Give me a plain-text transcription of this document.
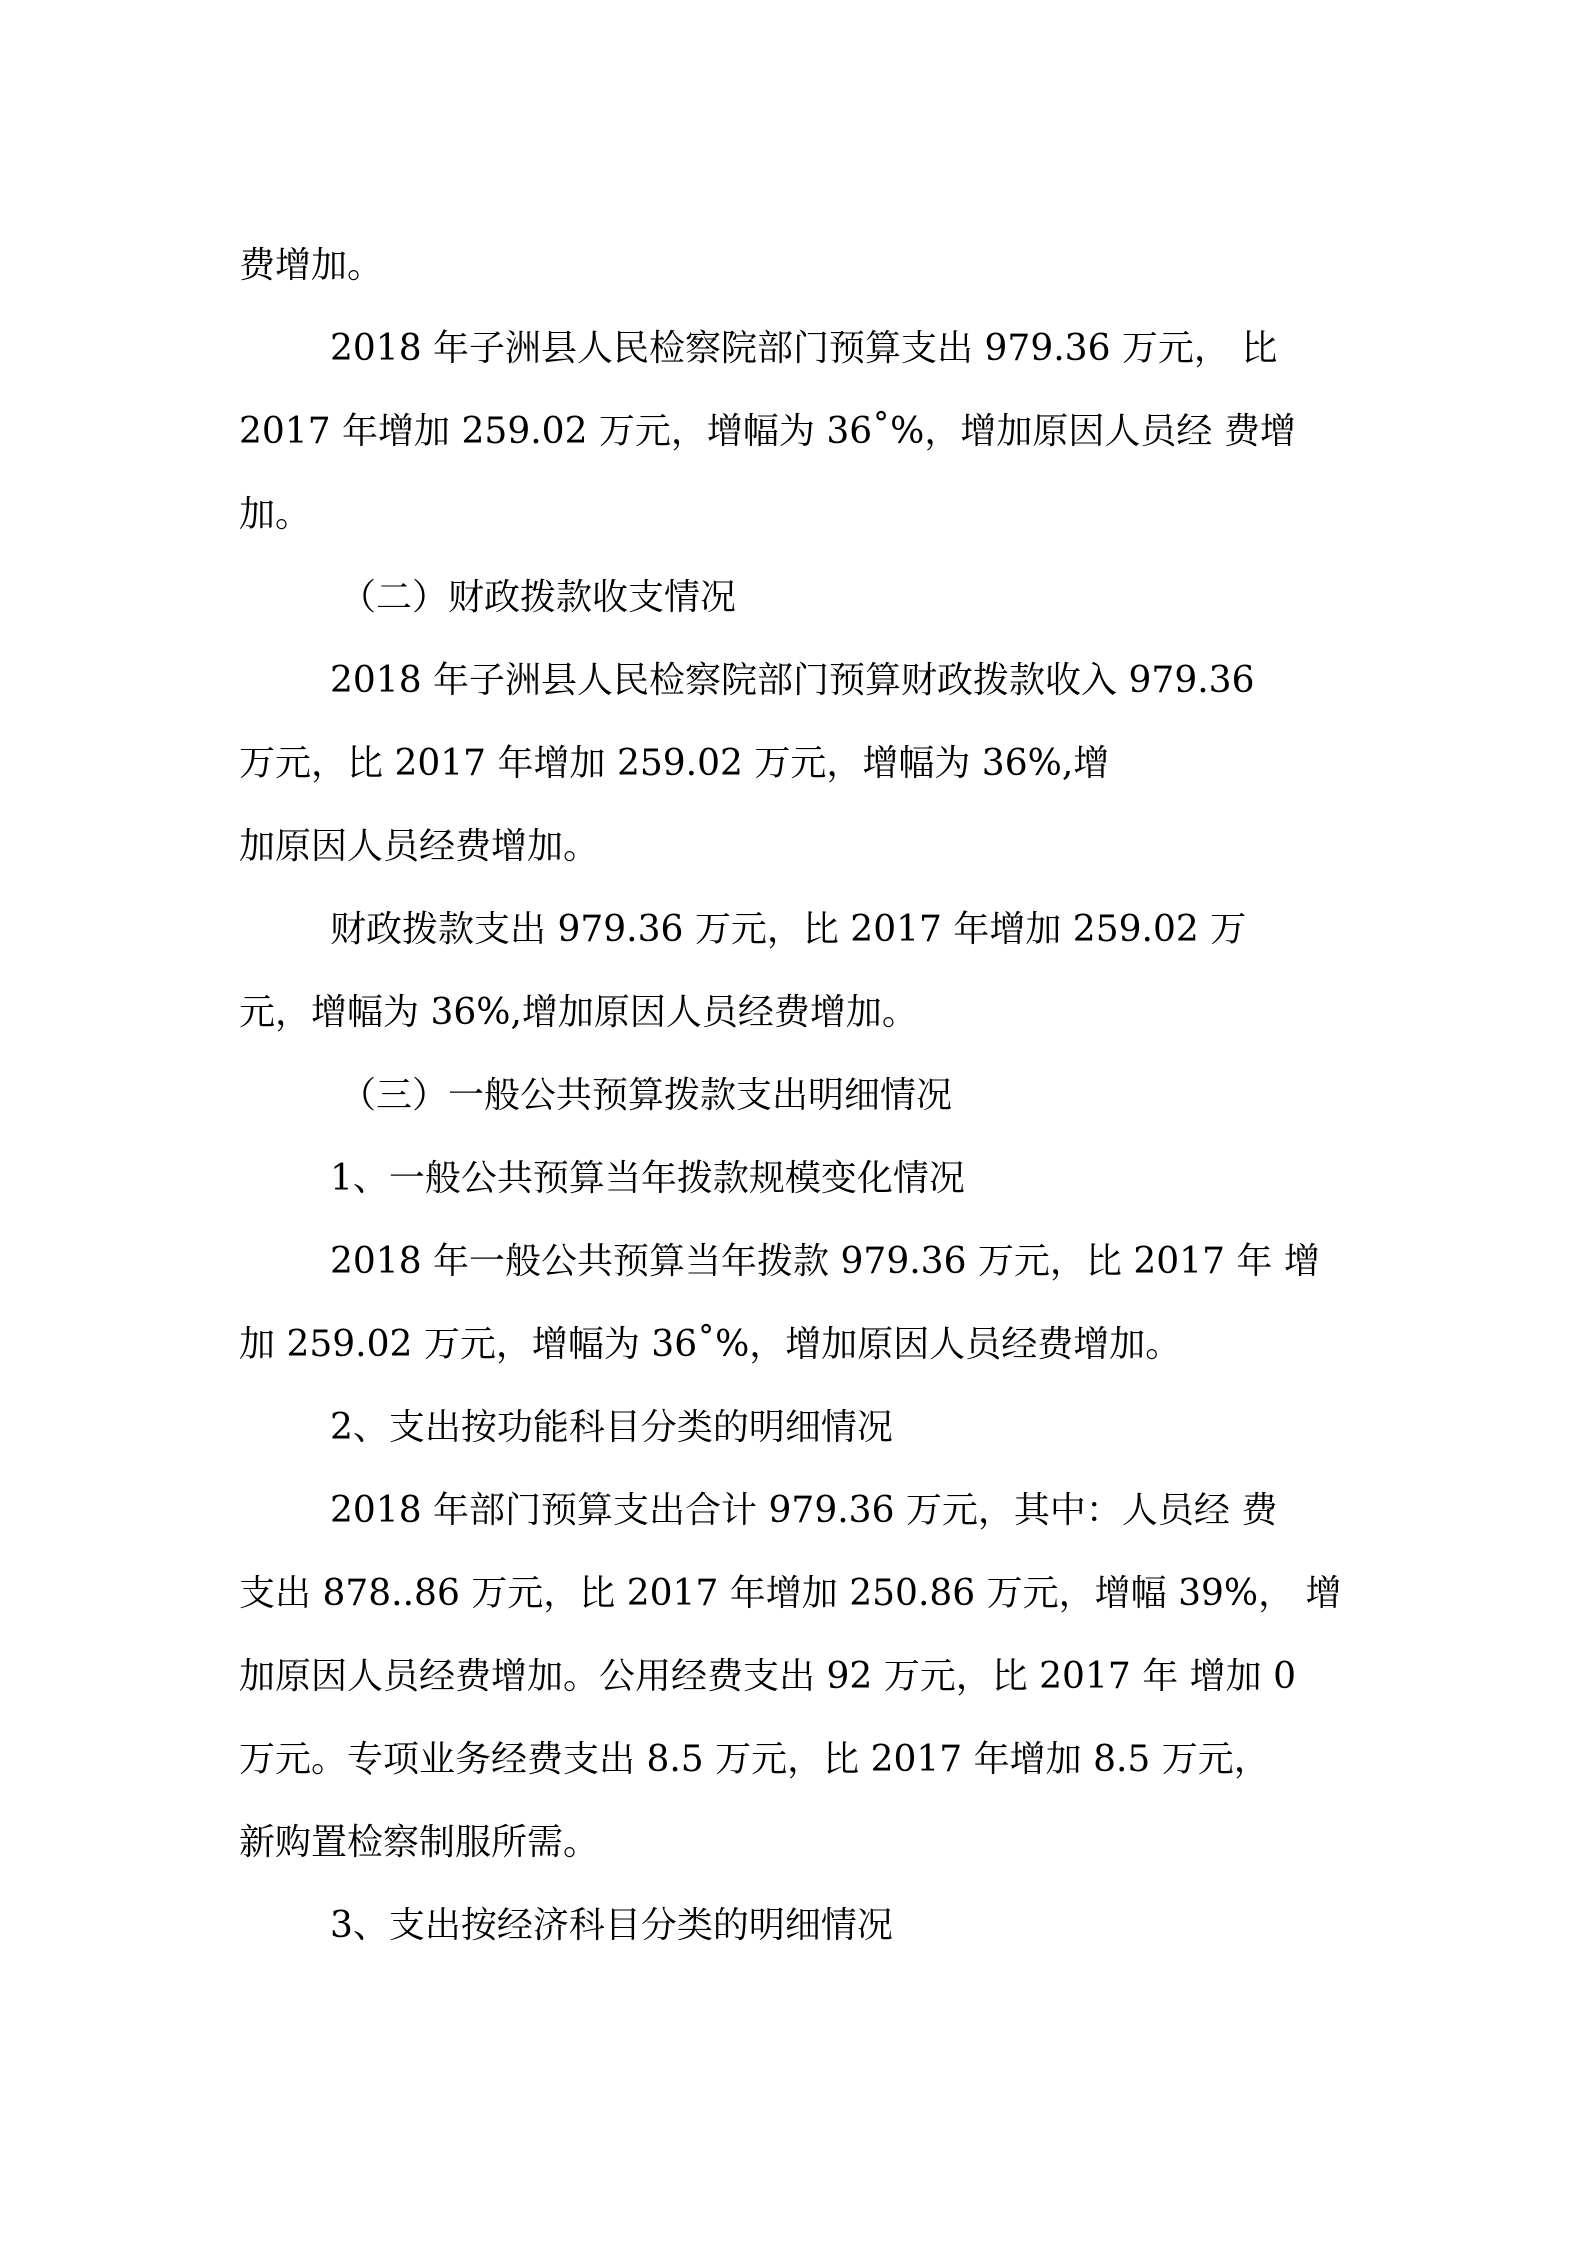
费增加。
2018 年子洲县人民检察院部门预算支出 979.36 万元， 比
2017 年增加 259.02 万元，增幅为 36˚%，增加原因人员经 费增
加。
（二）财政拨款收支情况
2018 年子洲县人民检察院部门预算财政拨款收入 979.36
万元，比 2017 年增加 259.02 万元，增幅为 36%,增
加原因人员经费增加。
财政拨款支出 979.36 万元，比 2017 年增加 259.02 万
元，增幅为 36%,增加原因人员经费增加。
（三）一般公共预算拨款支出明细情况
1、一般公共预算当年拨款规模变化情况
2018 年一般公共预算当年拨款 979.36 万元，比 2017 年 增
加 259.02 万元，增幅为 36˚%，增加原因人员经费增加。
2、支出按功能科目分类的明细情况
2018 年部门预算支出合计 979.36 万元，其中：人员经 费
支出 878..86 万元，比 2017 年增加 250.86 万元，增幅 39%， 增
加原因人员经费增加。公用经费支出 92 万元，比 2017 年 增加 0
万元。专项业务经费支出 8.5 万元，比 2017 年增加 8.5 万元，
新购置检察制服所需。
3、支出按经济科目分类的明细情况
